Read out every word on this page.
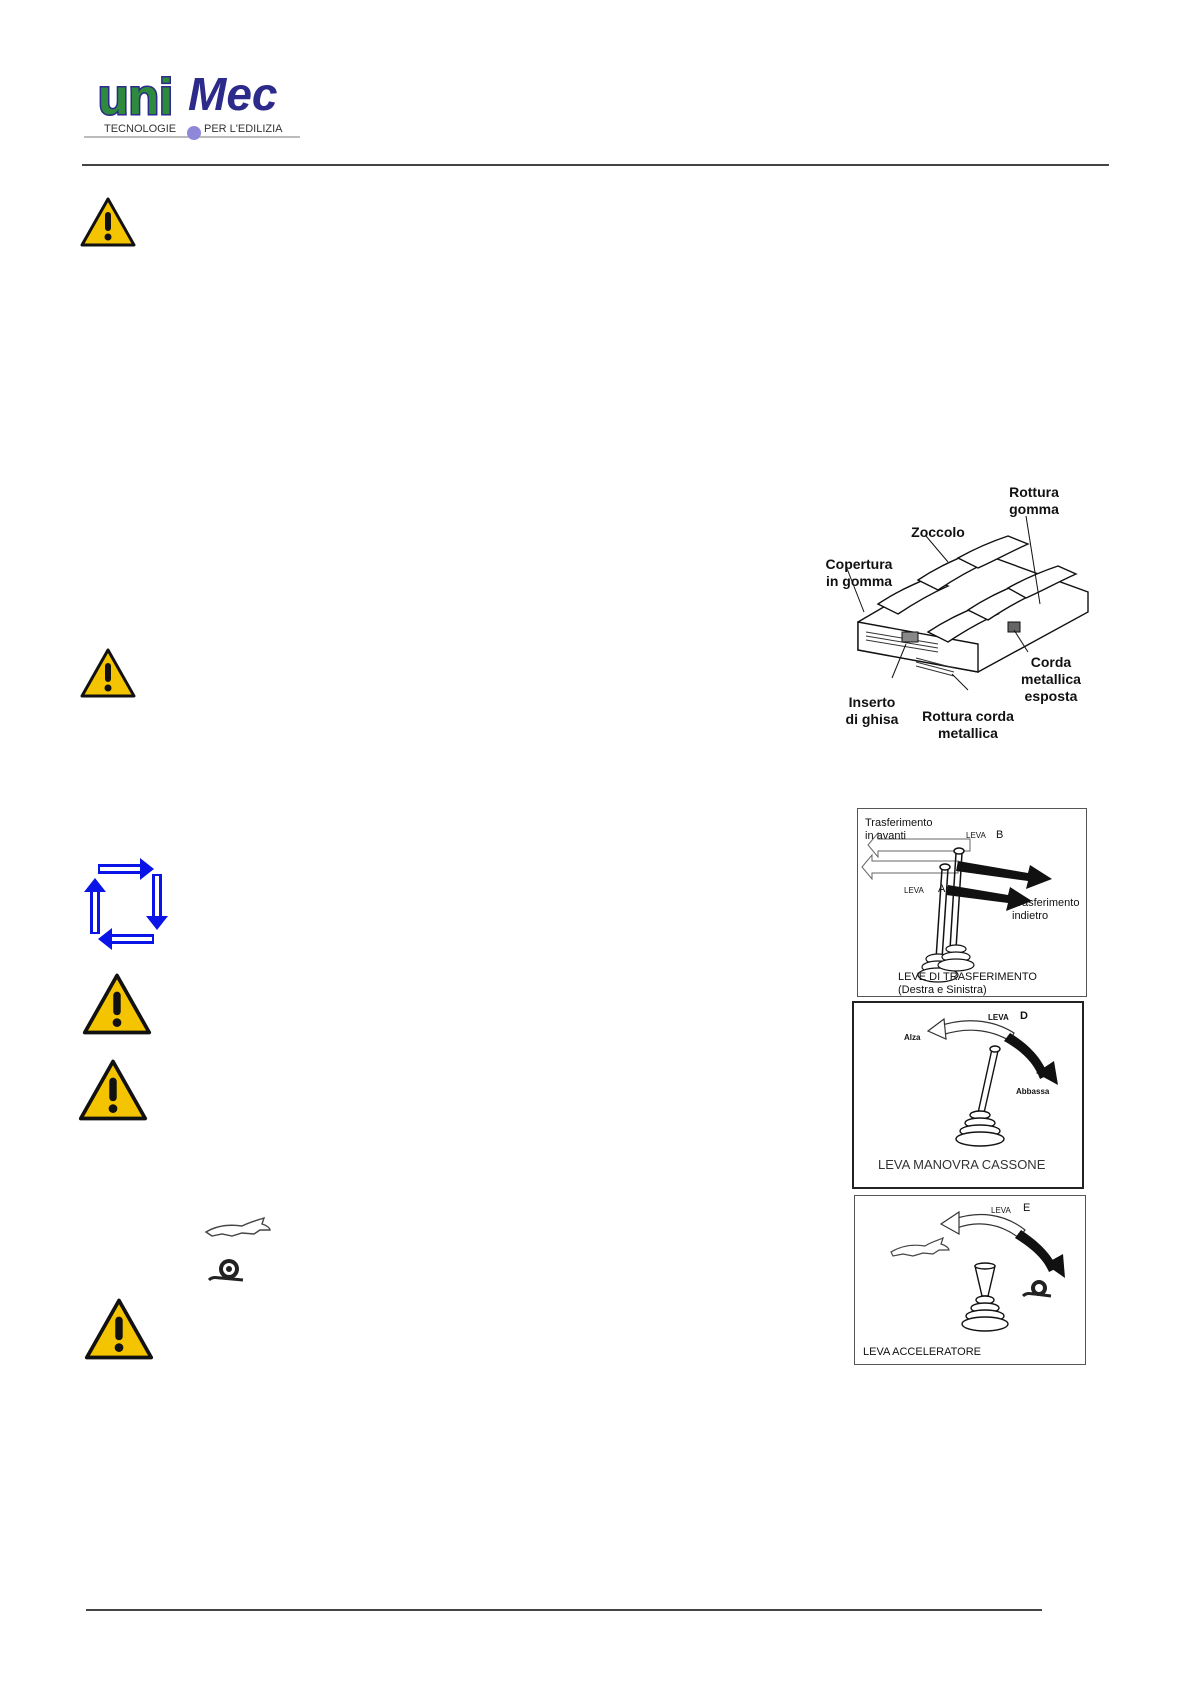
uni Mec
TECNOLOGIE	PER L'EDILIZIA
Rottura
gomma
Zoccolo
Copertura
in gomma
Corda
metallica
esposta
Inserto
di ghisa	Rottura corda
metallica
Trasferimento
in avanti	LEVA B
LEVA A
Trasferimento
indietro
LEVE DI TRASFERIMENTO
(Destra e Sinistra)
LEVA D
Alza
Abbassa
LEVA MANOVRA CASSONE
LEVA E
LEVA ACCELERATORE
